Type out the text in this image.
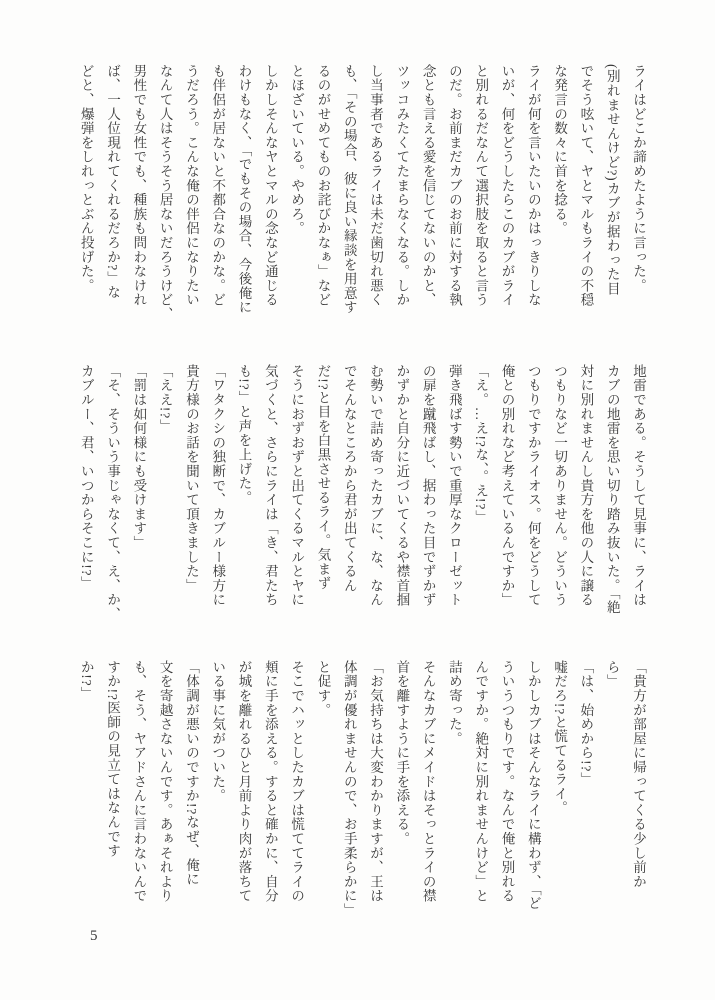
ライはどこか諦めたように言った。

(別れませんけど?)カブが据わった目

でそう呟いて、ヤとマルもライの不穏

な発言の数々に首を捻る。

ライが何を言いたいのかはっきりしな

いが、何をどうしたらこのカブがライ

と別れるだなんて選択肢を取ると言う

のだ。お前まだカブのお前に対する執

念とも言える愛を信じてないのかと、

ツッコみたくてたまらなくなる。しか

し当事者であるライは未だ歯切れ悪く

も、「その場合、彼に良い縁談を用意す

るのがせめてものお詫びかなぁ」など

とほざいている。やめろ。

しかしそんなヤとマルの念など通じる

わけもなく、「でもその場合、今後俺に

も伴侶が居ないと不都合なのかな。ど

うだろう。こんな俺の伴侶になりたい

なんて人はそうそう居ないだろうけど、

男性でも女性でも、種族も問わなけれ

ば、一人位現れてくれるだろか?」な

どと、爆弾をしれっとぶん投げた。

地雷である。そうして見事に、ライは

カブの地雷を思い切り踏み抜いた。「絶

対に別れませんし貴方を他の人に譲る

つもりなど一切ありません。どういう

つもりですかライオス。何をどうして

俺との別れなど考えているんですか」

「え。…え!?な、。え!?」

弾き飛ばす勢いで重厚なクローゼット

の扉を蹴飛ばし、据わった目でずかず

かずかと自分に近づいてくるや襟首掴

む勢いで詰め寄ったカブに、な、なん

でそんなところから君が出てくるん

だ!?と目を白黒させるライ。気まず

そうにおずおずと出てくるマルとヤに

気づくと、さらにライは「き、君たち

も!?」と声を上げた。

「ワタクシの独断で、カブルー様方に

貴方様のお話を聞いて頂きました」

「ええ!?」

「罰は如何様にも受けます」

「そ、そういう事じゃなくて、え、か、

カブルー、君、いつからそこに!?」

「貴方が部屋に帰ってくる少し前か

ら」

「は、始めから!?」

嘘だろ!?と慌てるライ。

しかしカブはそんなライに構わず、「ど

ういうつもりです。なんで俺と別れる

んですか。絶対に別れませんけど」と

詰め寄った。

そんなカブにメイドはそっとライの襟

首を離すように手を添える。

「お気持ちは大変わかりますが、王は

体調が優れませんので、お手柔らかに」

と促す。

そこでハッとしたカブは慌ててライの

頬に手を添える。すると確かに、自分

が城を離れるひと月前より肉が落ちて

いる事に気がついた。

「体調が悪いのですか!?なぜ、俺に

文を寄越さないんです。あぁそれより

も、そう、ヤアドさんに言わないんで

すか!?医師の見立てはなんです

か!?」

5
